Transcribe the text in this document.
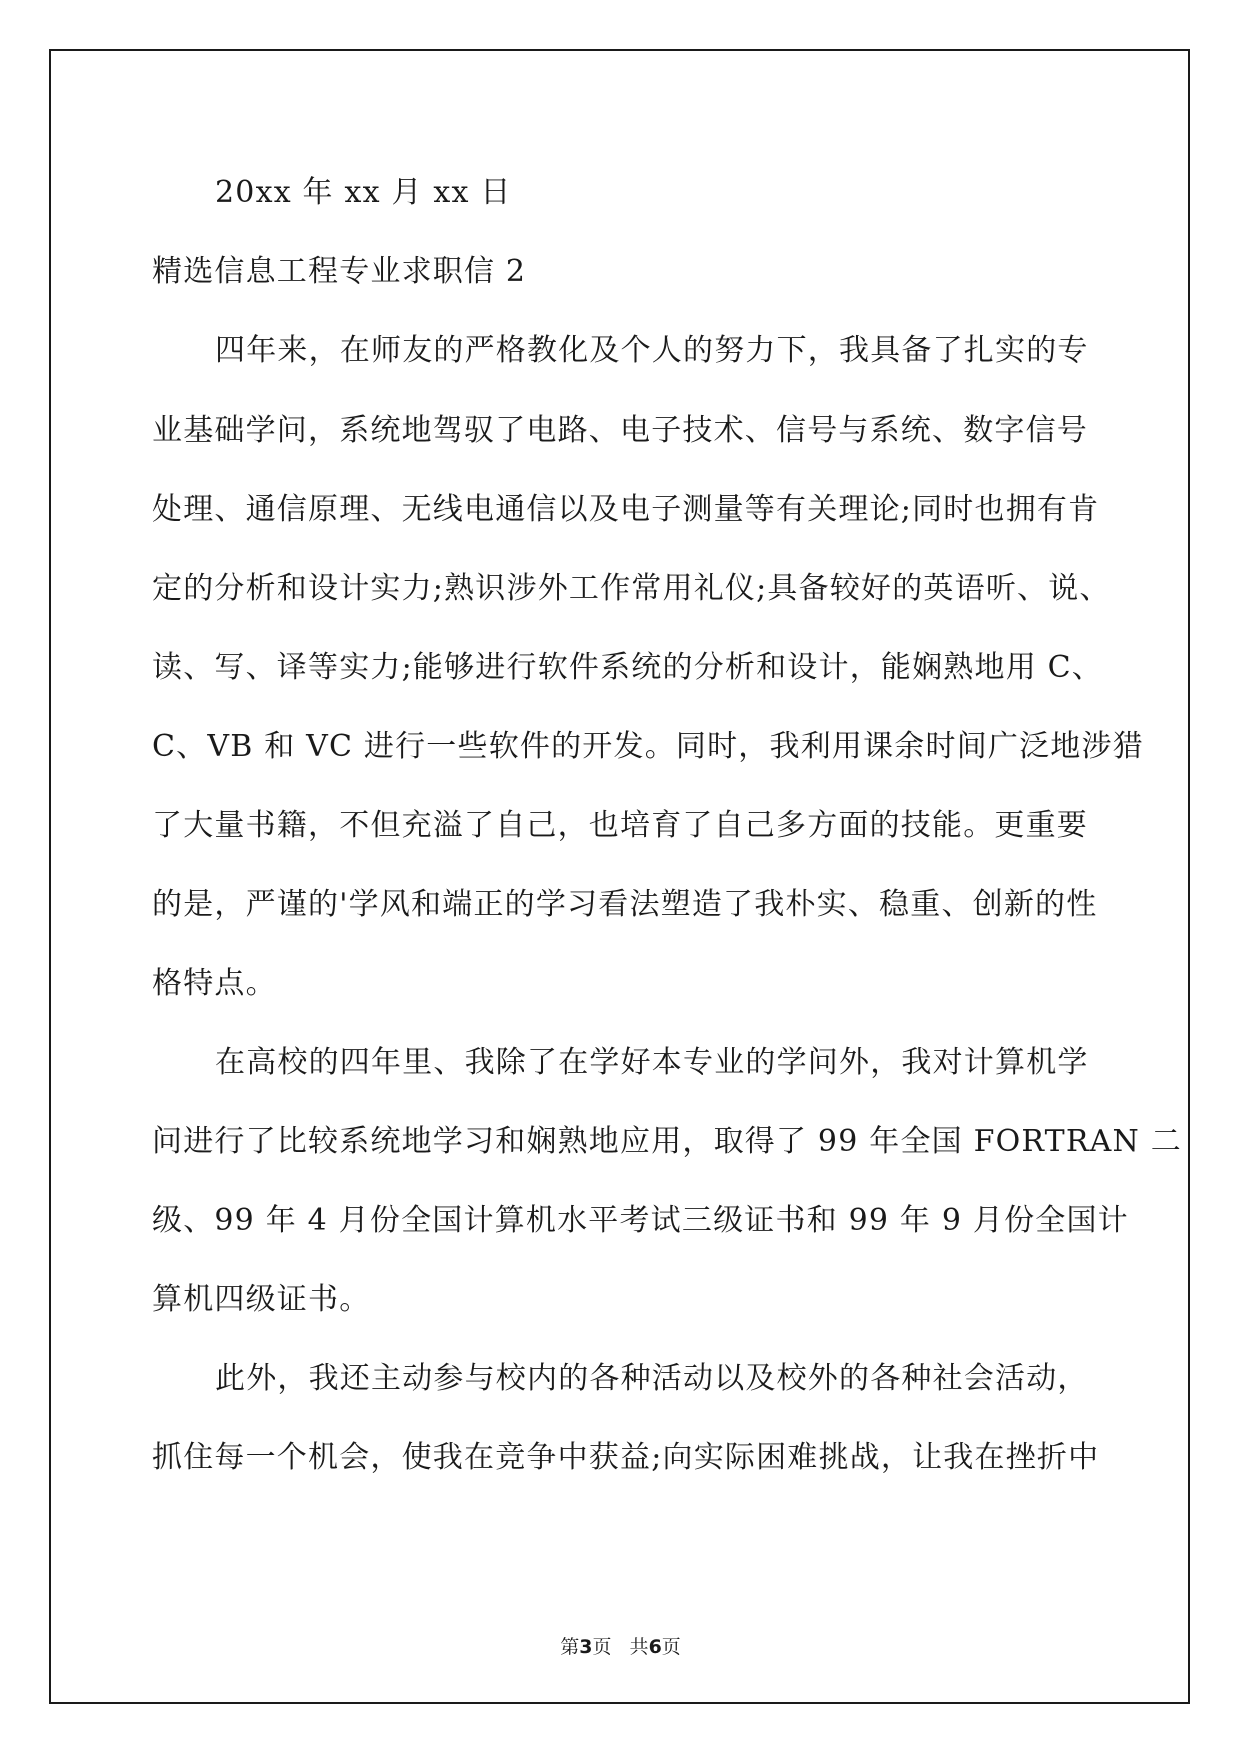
20xx 年 xx 月 xx 日
精选信息工程专业求职信 2
四年来，在师友的严格教化及个人的努力下，我具备了扎实的专
业基础学问，系统地驾驭了电路、电子技术、信号与系统、数字信号
处理、通信原理、无线电通信以及电子测量等有关理论;同时也拥有肯
定的分析和设计实力;熟识涉外工作常用礼仪;具备较好的英语听、说、
读、写、译等实力;能够进行软件系统的分析和设计，能娴熟地用 C、
C、VB 和 VC 进行一些软件的开发。同时，我利用课余时间广泛地涉猎
了大量书籍，不但充溢了自己，也培育了自己多方面的技能。更重要
的是，严谨的'学风和端正的学习看法塑造了我朴实、稳重、创新的性
格特点。
在高校的四年里、我除了在学好本专业的学问外，我对计算机学
问进行了比较系统地学习和娴熟地应用，取得了 99 年全国 FORTRAN 二
级、99 年 4 月份全国计算机水平考试三级证书和 99 年 9 月份全国计
算机四级证书。
此外，我还主动参与校内的各种活动以及校外的各种社会活动，
抓住每一个机会，使我在竞争中获益;向实际困难挑战，让我在挫折中
第3页   共6页
